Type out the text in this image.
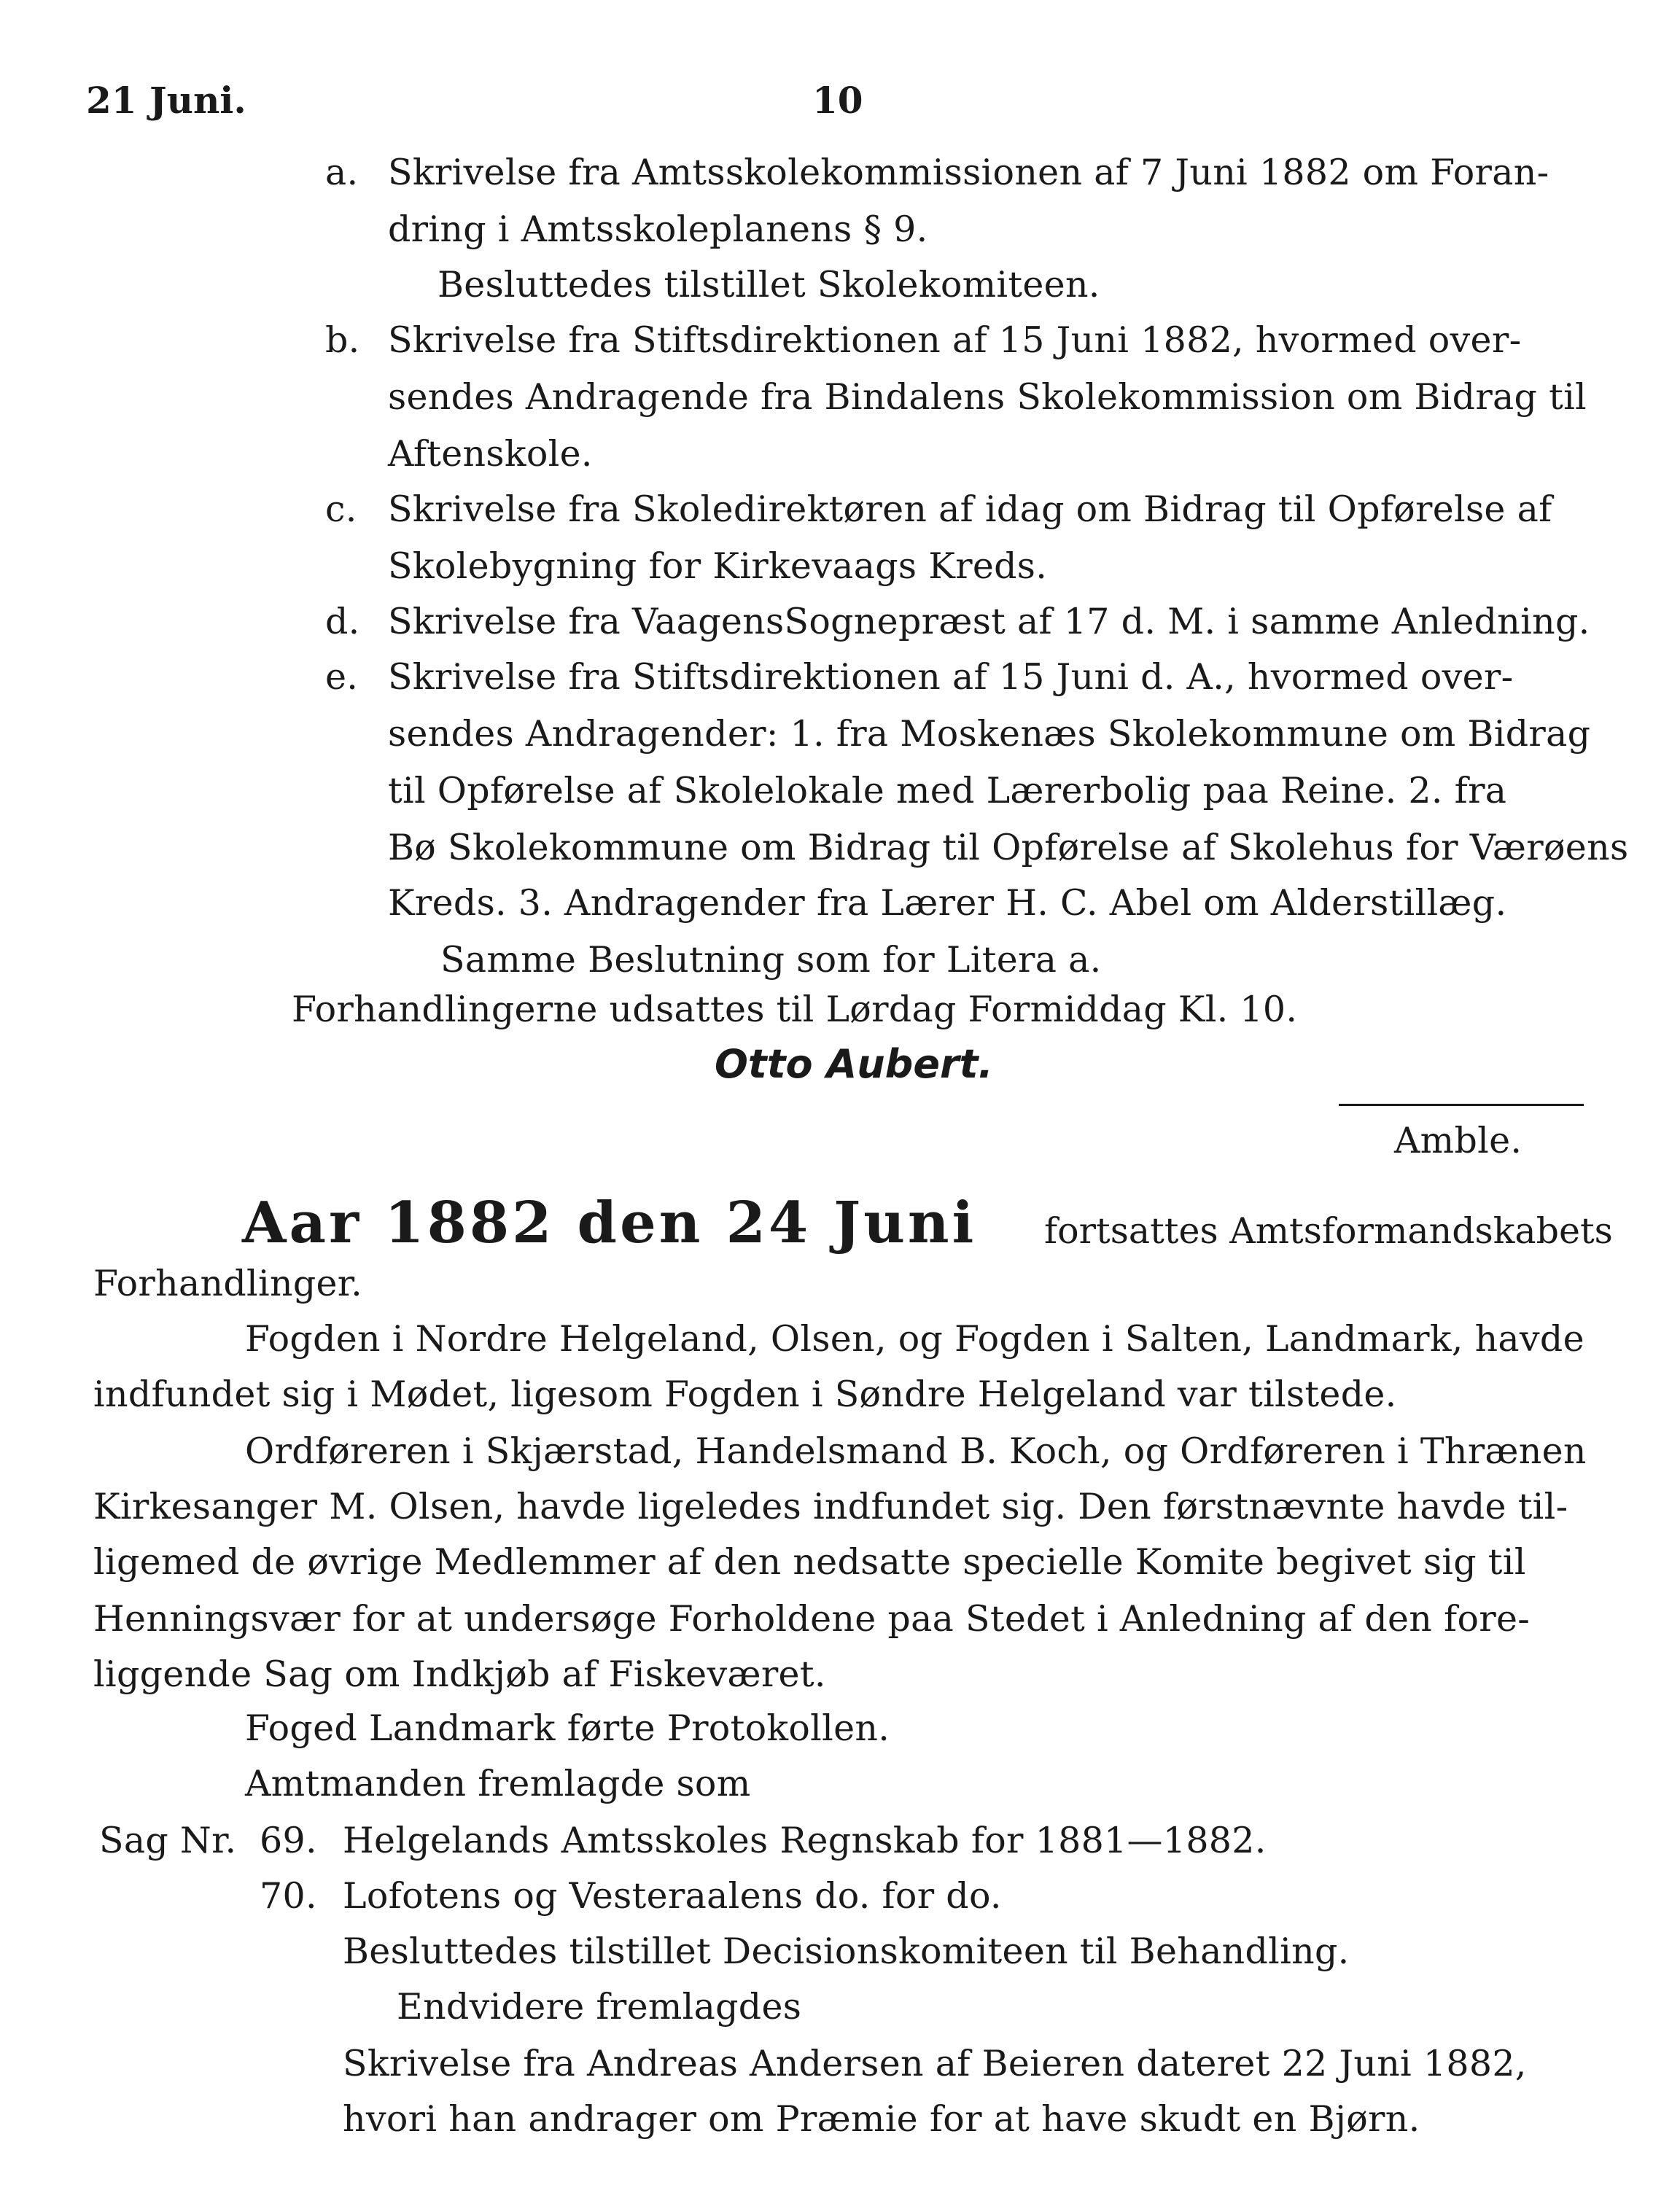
21 Juni.	10
a. Skrivelse fra Amtsskolekommissionen af 7 Juni 1882 om Foran-
dring i Amtsskoleplanens § 9.
Besluttedes tilstillet Skolekomiteen.
b. Skrivelse fra Stiftsdirektionen af 15 Juni 1882, hvormed over-
sendes Andragende fra Bindalens Skolekommission om Bidrag til
Aftenskole.
c. Skrivelse fra Skoledirektøren af idag om Bidrag til Opførelse af
Skolebygning for Kirkevaags Kreds.
d. Skrivelse fra VaagensSognepræst af 17 d. M. i samme Anledning.
e. Skrivelse fra Stiftsdirektionen af 15 Juni d. A., hvormed over-
sendes Andragender: 1. fra Moskenæs Skolekommune om Bidrag
til Opførelse af Skolelokale med Lærerbolig paa Reine. 2. fra
Bø Skolekommune om Bidrag til Opførelse af Skolehus for Værøens
Kreds. 3. Andragender fra Lærer H. C. Abel om Alderstillæg.
Samme Beslutning som for Litera a.
Forhandlingerne udsattes til Lørdag Formiddag Kl. 10.
Otto Aubert.
Amble.
Aar 1882 den 24 Juni fortsattes Amtsformandskabets
Forhandlinger.
Fogden i Nordre Helgeland, Olsen, og Fogden i Salten, Landmark, havde
indfundet sig i Mødet, ligesom Fogden i Søndre Helgeland var tilstede.
Ordføreren i Skjærstad, Handelsmand B. Koch, og Ordføreren i Thrænen
Kirkesanger M. Olsen, havde ligeledes indfundet sig. Den førstnævnte havde til-
ligemed de øvrige Medlemmer af den nedsatte specielle Komite begivet sig til
Henningsvær for at undersøge Forholdene paa Stedet i Anledning af den fore-
liggende Sag om Indkjøb af Fiskeværet.
Foged Landmark førte Protokollen.
Amtmanden fremlagde som
Sag Nr. 69. Helgelands Amtsskoles Regnskab for 1881—1882.
70. Lofotens og Vesteraalens do. for do.
Besluttedes tilstillet Decisionskomiteen til Behandling.
Endvidere fremlagdes
Skrivelse fra Andreas Andersen af Beieren dateret 22 Juni 1882,
hvori han andrager om Præmie for at have skudt en Bjørn.
